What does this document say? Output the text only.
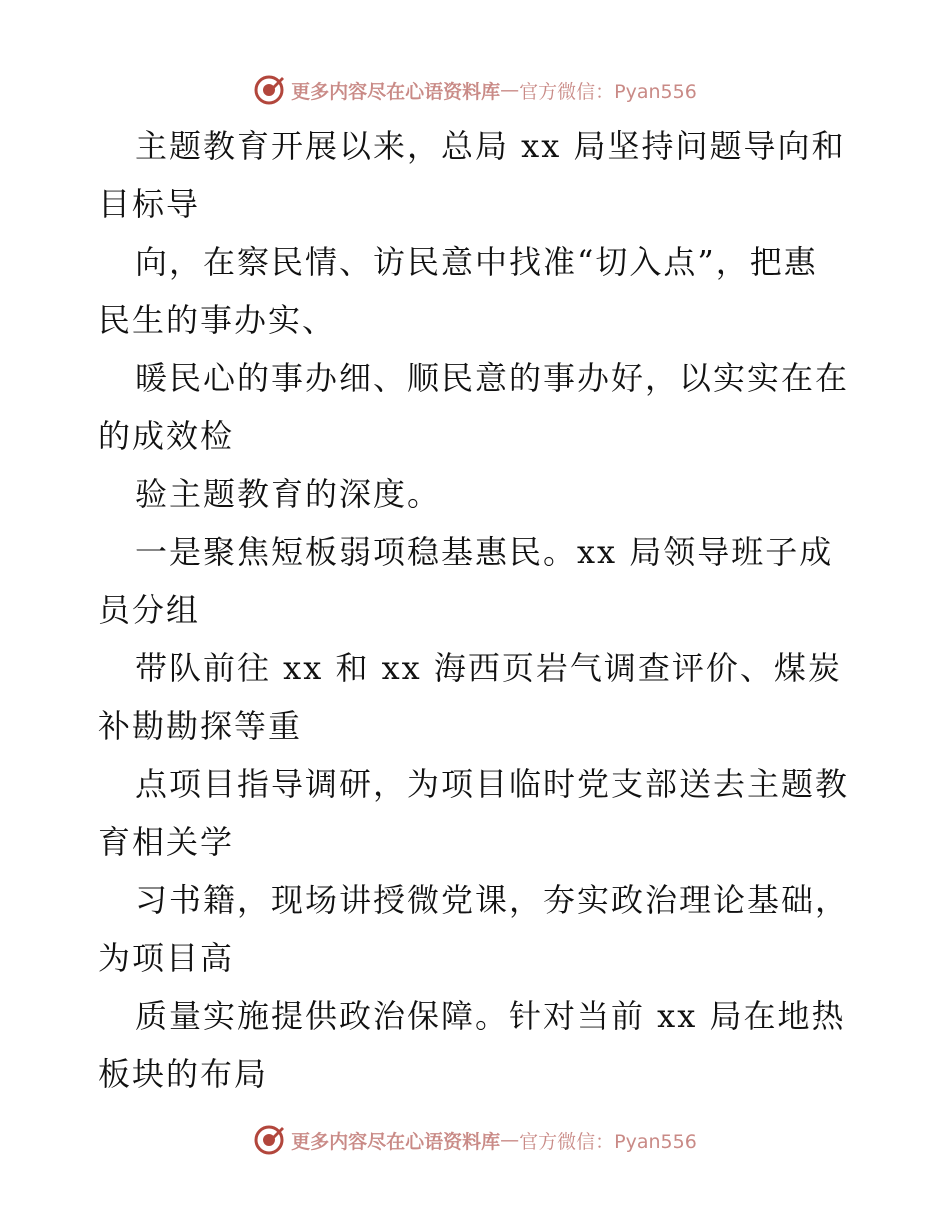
更多内容尽在心语资料库 — 官方微信：Pyan556
主题教育开展以来，总局 xx 局坚持问题导向和
目标导
向，在察民情、访民意中找准“切入点”，把惠
民生的事办实、
暖民心的事办细、顺民意的事办好，以实实在在
的成效检
验主题教育的深度。
一是聚焦短板弱项稳基惠民。xx 局领导班子成
员分组
带队前往 xx 和 xx 海西页岩气调查评价、煤炭
补勘勘探等重
点项目指导调研，为项目临时党支部送去主题教
育相关学
习书籍，现场讲授微党课，夯实政治理论基础，
为项目高
质量实施提供政治保障。针对当前 xx 局在地热
板块的布局
更多内容尽在心语资料库 — 官方微信：Pyan556
